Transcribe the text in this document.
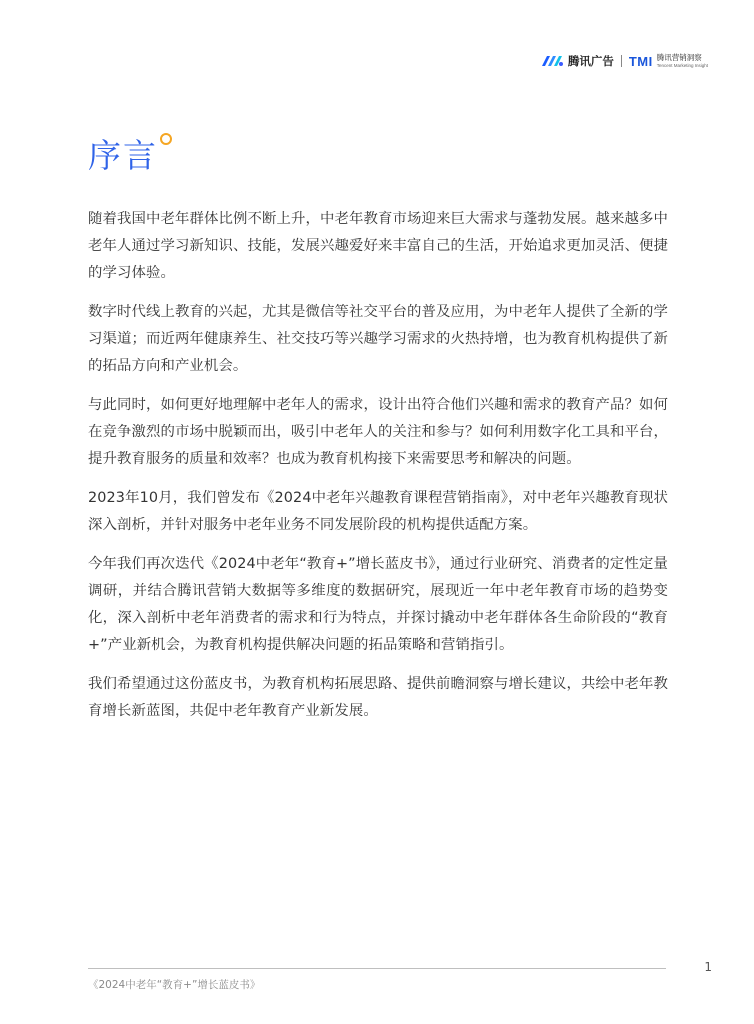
腾讯广告 TMI 腾讯营销洞察
Tencent Marketing Insight
序言

随着我国中老年群体比例不断上升，中老年教育市场迎来巨大需求与蓬勃发展。越来越多中老年人通过学习新知识、技能，发展兴趣爱好来丰富自己的生活，开始追求更加灵活、便捷的学习体验。

数字时代线上教育的兴起，尤其是微信等社交平台的普及应用，为中老年人提供了全新的学习渠道；而近两年健康养生、社交技巧等兴趣学习需求的火热持增，也为教育机构提供了新的拓品方向和产业机会。

与此同时，如何更好地理解中老年人的需求，设计出符合他们兴趣和需求的教育产品？如何在竞争激烈的市场中脱颖而出，吸引中老年人的关注和参与？如何利用数字化工具和平台，提升教育服务的质量和效率？也成为教育机构接下来需要思考和解决的问题。

2023年10月，我们曾发布《2024中老年兴趣教育课程营销指南》，对中老年兴趣教育现状深入剖析，并针对服务中老年业务不同发展阶段的机构提供适配方案。

今年我们再次迭代《2024中老年“教育+”增长蓝皮书》，通过行业研究、消费者的定性定量调研，并结合腾讯营销大数据等多维度的数据研究，展现近一年中老年教育市场的趋势变化，深入剖析中老年消费者的需求和行为特点，并探讨撬动中老年群体各生命阶段的“教育+”产业新机会，为教育机构提供解决问题的拓品策略和营销指引。

我们希望通过这份蓝皮书，为教育机构拓展思路、提供前瞻洞察与增长建议，共绘中老年教育增长新蓝图，共促中老年教育产业新发展。

1
《2024中老年“教育+”增长蓝皮书》
